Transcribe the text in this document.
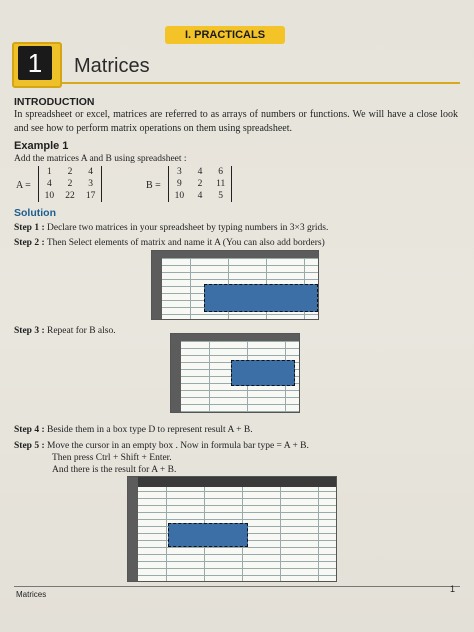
I. PRACTICALS
1	Matrices
INTRODUCTION
In spreadsheet or excel, matrices are referred to as arrays of numbers or functions. We will have a close look and see how to perform matrix operations on them using spreadsheet.
Example 1
Add the matrices A and B using spreadsheet :
A =
1	2	4
4	2	3
10	22	17
B =
3	4	6
9	2	11
10	4	5
Solution
Step 1 : Declare two matrices in your spreadsheet by typing numbers in 3×3 grids.
Step 2 : Then Select elements of matrix and name it A (You can also add borders)
Step 3 : Repeat for B also.
Step 4 : Beside them in a box type D to represent result A + B.
Step 5 : Move the cursor in an empty box . Now in formula bar type = A + B.
Then press Ctrl + Shift + Enter.
And there is the result for A + B.
Matrices
1
